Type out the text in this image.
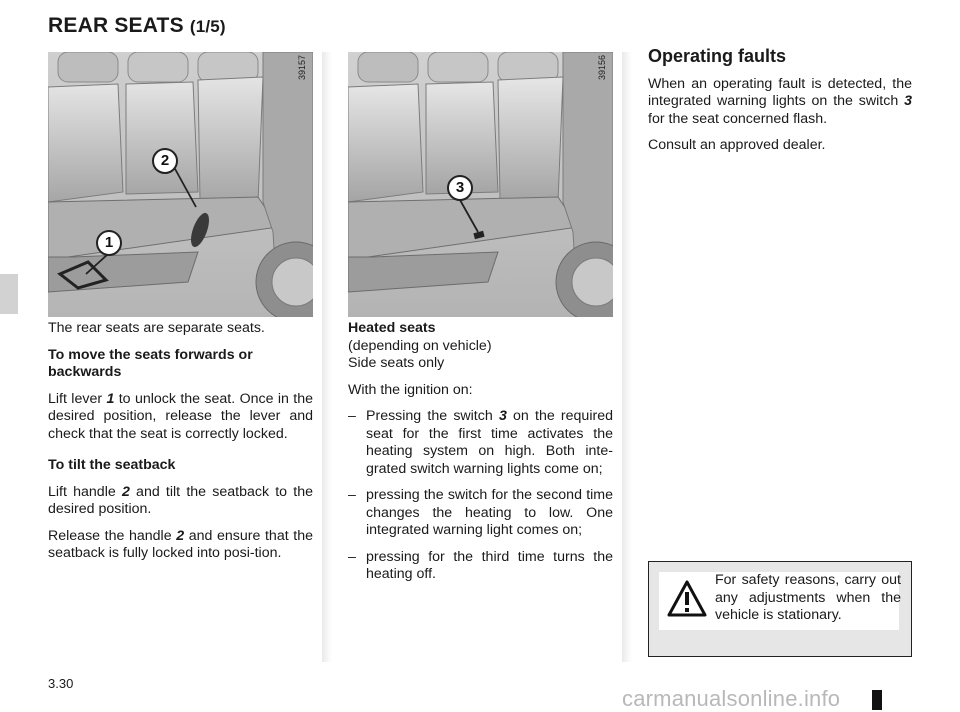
REAR SEATS (1/5)
39157
2
1
39156
3

The rear seats are separate seats.

To move the seats forwards or backwards

Lift lever 1 to unlock the seat. Once in the desired position, release the lever and check that the seat is correctly locked.

To tilt the seatback

Lift handle 2 and tilt the seatback to the desired position.

Release the handle 2 and ensure that the seatback is fully locked into posi-tion.

Heated seats
(depending on vehicle)
Side seats only

With the ignition on:

– Pressing the switch 3 on the required seat for the first time activates the heating system on high. Both inte-grated switch warning lights come on;
– pressing the switch for the second time changes the heating to low. One integrated warning light comes on;
– pressing for the third time turns the heating off.
Operating faults

When an operating fault is detected, the integrated warning lights on the switch 3 for the seat concerned flash.

Consult an approved dealer.

For safety reasons, carry out any adjustments when the vehicle is stationary.
3.30
carmanualsonline.info
